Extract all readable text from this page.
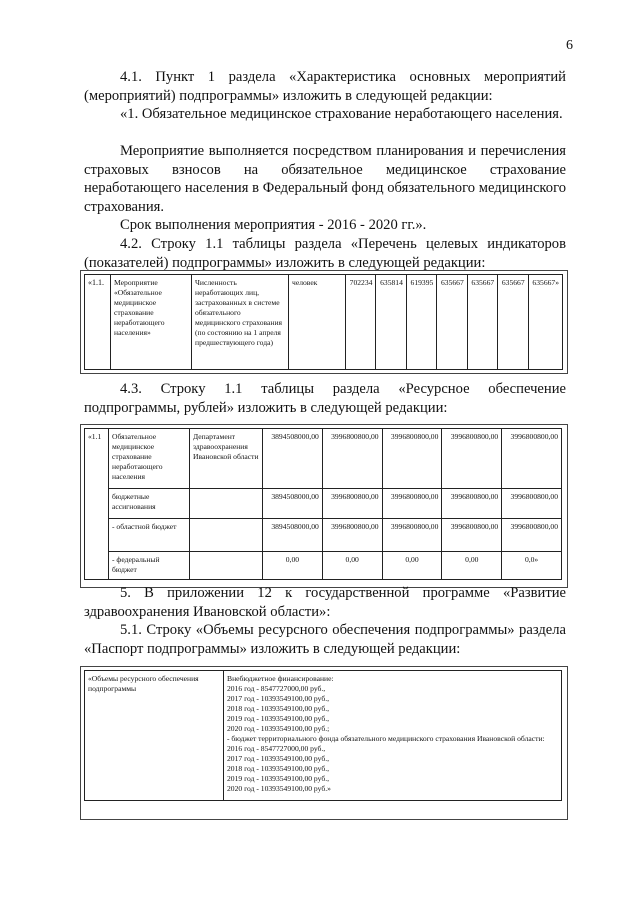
6

4.1. Пункт 1 раздела «Характеристика основных мероприятий (мероприятий) подпрограммы» изложить в следующей редакции:

«1. Обязательное медицинское страхование неработающего населения.

Мероприятие выполняется посредством планирования и перечисления страховых взносов на обязательное медицинское страхование неработающего населения в Федеральный фонд обязательного медицинского страхования.

Срок выполнения мероприятия - 2016 - 2020 гг.».

4.2. Строку 1.1 таблицы раздела «Перечень целевых индикаторов (показателей) подпрограммы» изложить в следующей редакции:

«1.1.	Мероприятие «Обязательное медицинское страхование неработающего населения»	Численность неработающих лиц, застрахованных в системе обязательного медицинского страхования (по состоянию на 1 апреля предшествующего года)	человек	702234	635814	619395	635667	635667	635667	635667»

4.3. Строку 1.1 таблицы раздела «Ресурсное обеспечение подпрограммы, рублей» изложить в следующей редакции:

«1.1	Обязательное медицинское страхование неработающего населения	Департамент здравоохранения Ивановской области	3894508000,00	3996800800,00	3996800800,00	3996800800,00	3996800800,00
	бюджетные ассигнования		3894508000,00	3996800800,00	3996800800,00	3996800800,00	3996800800,00
	- областной бюджет		3894508000,00	3996800800,00	3996800800,00	3996800800,00	3996800800,00
	- федеральный бюджет		0,00	0,00	0,00	0,00	0,0»

5. В приложении 12 к государственной программе «Развитие здравоохранения Ивановской области»:

5.1. Строку «Объемы ресурсного обеспечения подпрограммы» раздела «Паспорт подпрограммы» изложить в следующей редакции:

«Объемы ресурсного обеспечения подпрограммы	
Внебюджетное финансирование:
2016 год - 8547727000,00 руб.,
2017 год - 10393549100,00 руб.,
2018 год - 10393549100,00 руб.,
2019 год - 10393549100,00 руб.,
2020 год - 10393549100,00 руб.;
- бюджет территориального фонда обязательного медицинского страхования Ивановской области:
2016 год - 8547727000,00 руб.,
2017 год - 10393549100,00 руб.,
2018 год - 10393549100,00 руб.,
2019 год - 10393549100,00 руб.,
2020 год - 10393549100,00 руб.»
